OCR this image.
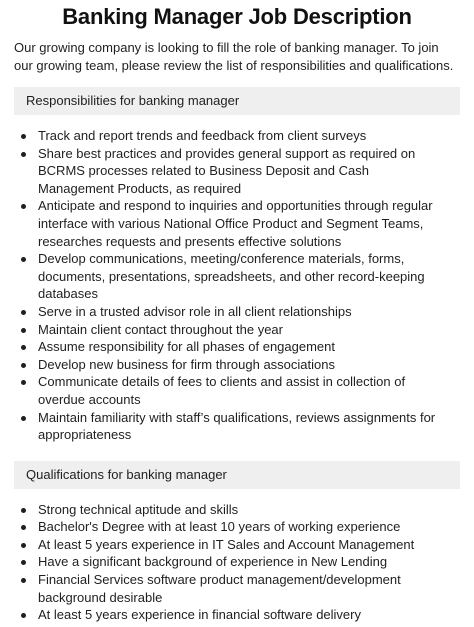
Banking Manager Job Description

Our growing company is looking to fill the role of banking manager. To join our growing team, please review the list of responsibilities and qualifications.

Responsibilities for banking manager
Track and report trends and feedback from client surveys
Share best practices and provides general support as required on BCRMS processes related to Business Deposit and Cash Management Products, as required
Anticipate and respond to inquiries and opportunities through regular interface with various National Office Product and Segment Teams, researches requests and presents effective solutions
Develop communications, meeting/conference materials, forms, documents, presentations, spreadsheets, and other record-keeping databases
Serve in a trusted advisor role in all client relationships
Maintain client contact throughout the year
Assume responsibility for all phases of engagement
Develop new business for firm through associations
Communicate details of fees to clients and assist in collection of overdue accounts
Maintain familiarity with staff’s qualifications, reviews assignments for appropriateness
Qualifications for banking manager
Strong technical aptitude and skills
Bachelor's Degree with at least 10 years of working experience
At least 5 years experience in IT Sales and Account Management
Have a significant background of experience in New Lending
Financial Services software product management/development background desirable
At least 5 years experience in financial software delivery
